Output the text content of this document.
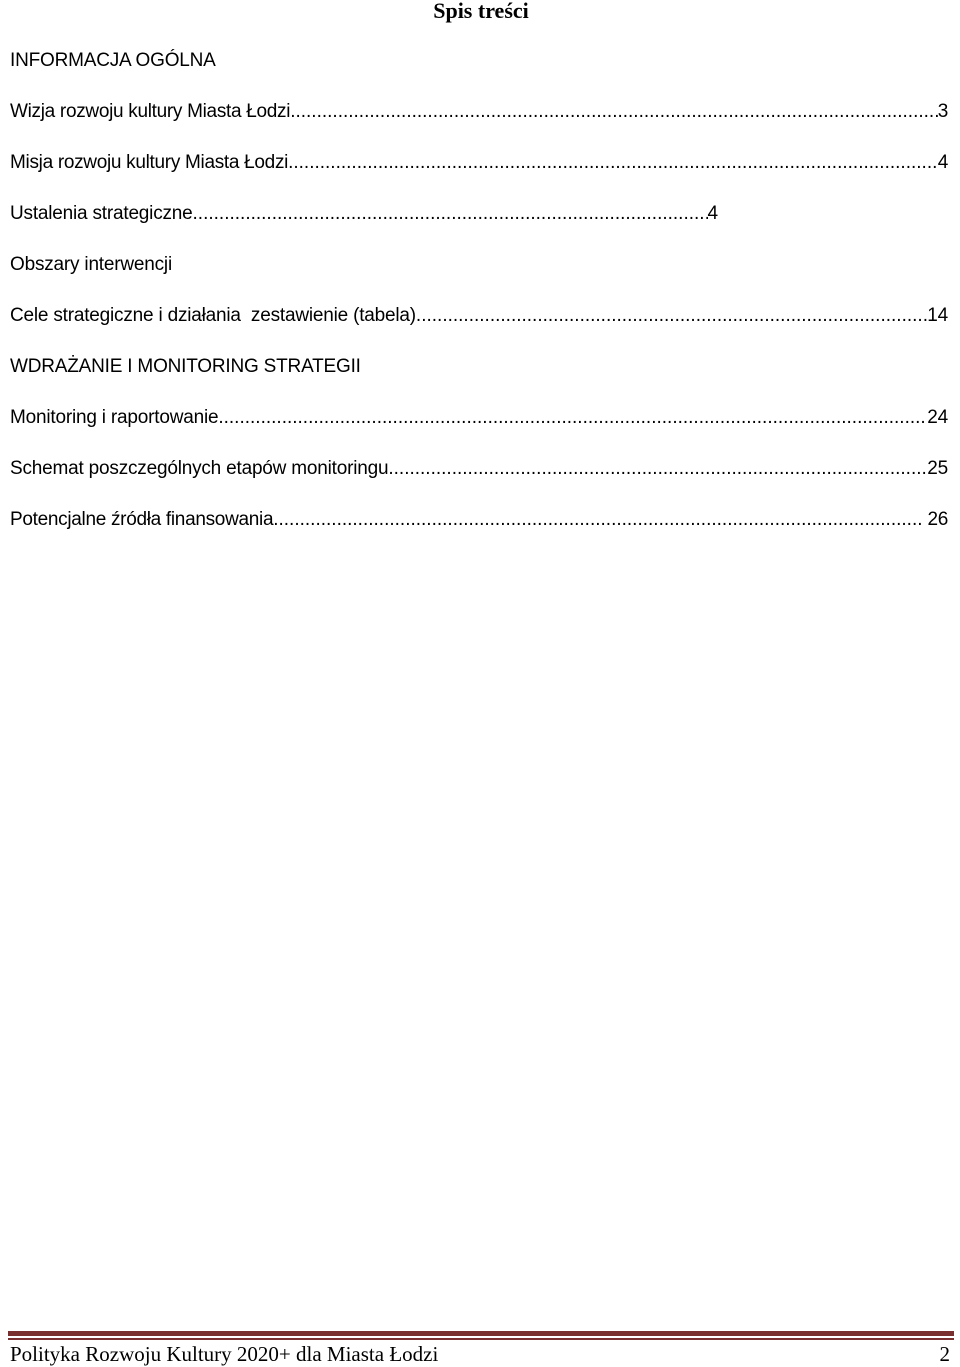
Spis treści
INFORMACJA OGÓLNA
Wizja rozwoju kultury Miasta Łodzi .....	3
Misja rozwoju kultury Miasta Łodzi .....	4
Ustalenia strategiczne .....	4
Obszary interwencji
Cele strategiczne i działania  zestawienie (tabela) .....	14
WDRAŻANIE I MONITORING STRATEGII
Monitoring i raportowanie .....	24
Schemat poszczególnych etapów monitoringu .....	25
Potencjalne źródła finansowania .....	26
Polityka Rozwoju Kultury 2020+ dla Miasta Łodzi	2
